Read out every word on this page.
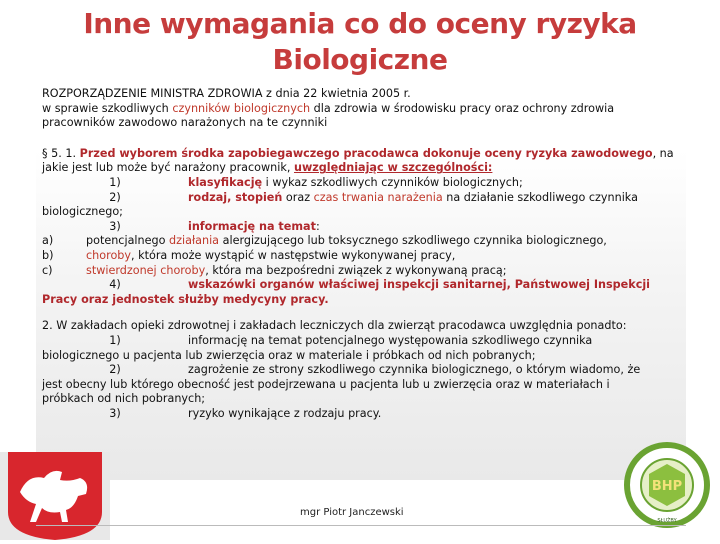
Inne wymagania co do oceny ryzyka
Biologiczne

ROZPORZĄDZENIE MINISTRA ZDROWIA z dnia 22 kwietnia 2005 r.

w sprawie szkodliwych czynników biologicznych dla zdrowia w środowisku pracy oraz ochrony zdrowia

pracowników zawodowo narażonych na te czynniki

§ 5. 1. Przed wyborem środka zapobiegawczego pracodawca dokonuje oceny ryzyka zawodowego, na

jakie jest lub może być narażony pracownik, uwzględniając w szczególności:

1)	klasyfikację i wykaz szkodliwych czynników biologicznych;

2)	rodzaj, stopień oraz czas trwania narażenia na działanie szkodliwego czynnika

biologicznego;

3)	informację na temat:

a)	potencjalnego działania alergizującego lub toksycznego szkodliwego czynnika biologicznego,

b)	choroby, która może wystąpić w następstwie wykonywanej pracy,

c)	stwierdzonej choroby, która ma bezpośredni związek z wykonywaną pracą;

4)	wskazówki organów właściwej inspekcji sanitarnej, Państwowej Inspekcji

Pracy oraz jednostek służby medycyny pracy.

2. W zakładach opieki zdrowotnej i zakładach leczniczych dla zwierząt pracodawca uwzględnia ponadto:

1)	informację na temat potencjalnego występowania szkodliwego czynnika

biologicznego u pacjenta lub zwierzęcia oraz w materiale i próbkach od nich pobranych;

2)	zagrożenie ze strony szkodliwego czynnika biologicznego, o którym wiadomo, że

jest obecny lub którego obecność jest podejrzewana u pacjenta lub u zwierzęcia oraz w materiałach i

próbkach od nich pobranych;

3)	ryzyko wynikające z rodzaju pracy.

BHP
SŁUŻBY
mgr Piotr Janczewski
